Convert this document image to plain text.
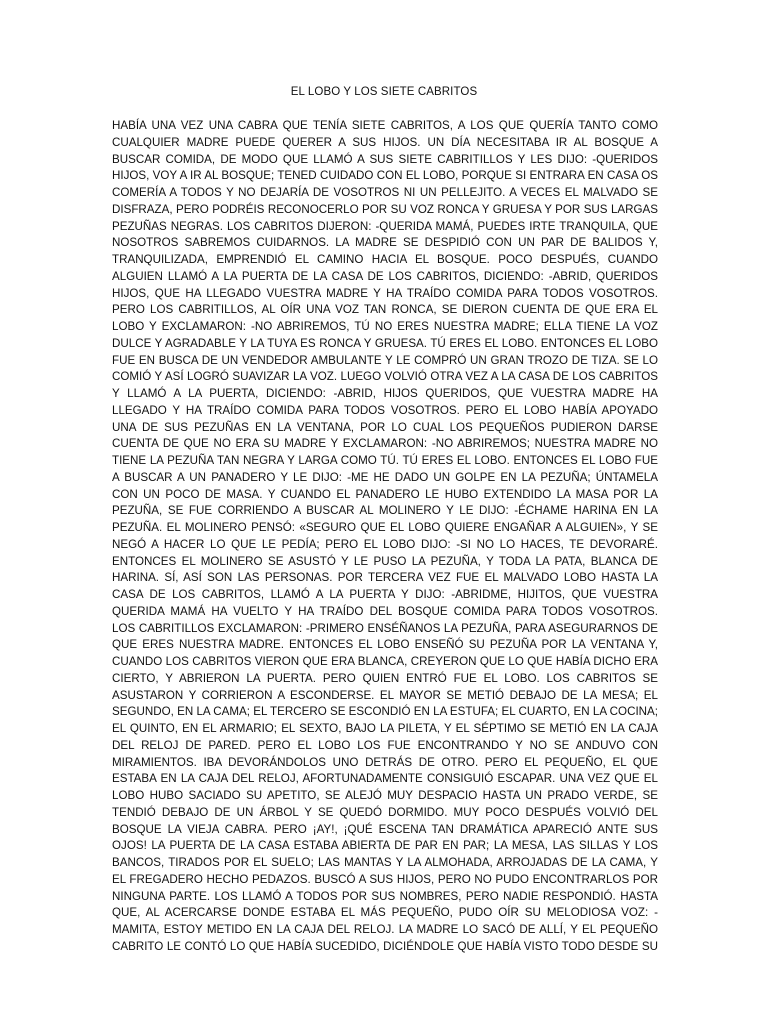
EL LOBO Y LOS SIETE CABRITOS
HABÍA UNA VEZ UNA CABRA QUE TENÍA SIETE CABRITOS, A LOS QUE QUERÍA TANTO COMO
CUALQUIER MADRE PUEDE QUERER A SUS HIJOS. UN DÍA NECESITABA IR AL BOSQUE A
BUSCAR COMIDA, DE MODO QUE LLAMÓ A SUS SIETE CABRITILLOS Y LES DIJO: -QUERIDOS
HIJOS, VOY A IR AL BOSQUE; TENED CUIDADO CON EL LOBO, PORQUE SI ENTRARA EN CASA OS
COMERÍA A TODOS Y NO DEJARÍA DE VOSOTROS NI UN PELLEJITO. A VECES EL MALVADO SE
DISFRAZA, PERO PODRÉIS RECONOCERLO POR SU VOZ RONCA Y GRUESA Y POR SUS LARGAS
PEZUÑAS NEGRAS. LOS CABRITOS DIJERON: -QUERIDA MAMÁ, PUEDES IRTE TRANQUILA, QUE
NOSOTROS SABREMOS CUIDARNOS. LA MADRE SE DESPIDIÓ CON UN PAR DE BALIDOS Y,
TRANQUILIZADA, EMPRENDIÓ EL CAMINO HACIA EL BOSQUE. POCO DESPUÉS, CUANDO
ALGUIEN LLAMÓ A LA PUERTA DE LA CASA DE LOS CABRITOS, DICIENDO: -ABRID, QUERIDOS
HIJOS, QUE HA LLEGADO VUESTRA MADRE Y HA TRAÍDO COMIDA PARA TODOS VOSOTROS.
PERO LOS CABRITILLOS, AL OÍR UNA VOZ TAN RONCA, SE DIERON CUENTA DE QUE ERA EL
LOBO Y EXCLAMARON: -NO ABRIREMOS, TÚ NO ERES NUESTRA MADRE; ELLA TIENE LA VOZ
DULCE Y AGRADABLE Y LA TUYA ES RONCA Y GRUESA. TÚ ERES EL LOBO. ENTONCES EL LOBO
FUE EN BUSCA DE UN VENDEDOR AMBULANTE Y LE COMPRÓ UN GRAN TROZO DE TIZA. SE LO
COMIÓ Y ASÍ LOGRÓ SUAVIZAR LA VOZ. LUEGO VOLVIÓ OTRA VEZ A LA CASA DE LOS CABRITOS
Y LLAMÓ A LA PUERTA, DICIENDO: -ABRID, HIJOS QUERIDOS, QUE VUESTRA MADRE HA
LLEGADO Y HA TRAÍDO COMIDA PARA TODOS VOSOTROS. PERO EL LOBO HABÍA APOYADO
UNA DE SUS PEZUÑAS EN LA VENTANA, POR LO CUAL LOS PEQUEÑOS PUDIERON DARSE
CUENTA DE QUE NO ERA SU MADRE Y EXCLAMARON: -NO ABRIREMOS; NUESTRA MADRE NO
TIENE LA PEZUÑA TAN NEGRA Y LARGA COMO TÚ. TÚ ERES EL LOBO. ENTONCES EL LOBO FUE
A BUSCAR A UN PANADERO Y LE DIJO: -ME HE DADO UN GOLPE EN LA PEZUÑA; ÚNTAMELA
CON UN POCO DE MASA. Y CUANDO EL PANADERO LE HUBO EXTENDIDO LA MASA POR LA
PEZUÑA, SE FUE CORRIENDO A BUSCAR AL MOLINERO Y LE DIJO: -ÉCHAME HARINA EN LA
PEZUÑA. EL MOLINERO PENSÓ: «SEGURO QUE EL LOBO QUIERE ENGAÑAR A ALGUIEN», Y SE
NEGÓ A HACER LO QUE LE PEDÍA; PERO EL LOBO DIJO: -SI NO LO HACES, TE DEVORARÉ.
ENTONCES EL MOLINERO SE ASUSTÓ Y LE PUSO LA PEZUÑA, Y TODA LA PATA, BLANCA DE
HARINA. SÍ, ASÍ SON LAS PERSONAS. POR TERCERA VEZ FUE EL MALVADO LOBO HASTA LA
CASA DE LOS CABRITOS, LLAMÓ A LA PUERTA Y DIJO: -ABRIDME, HIJITOS, QUE VUESTRA
QUERIDA MAMÁ HA VUELTO Y HA TRAÍDO DEL BOSQUE COMIDA PARA TODOS VOSOTROS.
LOS CABRITILLOS EXCLAMARON: -PRIMERO ENSÉÑANOS LA PEZUÑA, PARA ASEGURARNOS DE
QUE ERES NUESTRA MADRE. ENTONCES EL LOBO ENSEÑÓ SU PEZUÑA POR LA VENTANA Y,
CUANDO LOS CABRITOS VIERON QUE ERA BLANCA, CREYERON QUE LO QUE HABÍA DICHO ERA
CIERTO, Y ABRIERON LA PUERTA. PERO QUIEN ENTRÓ FUE EL LOBO. LOS CABRITOS SE
ASUSTARON Y CORRIERON A ESCONDERSE. EL MAYOR SE METIÓ DEBAJO DE LA MESA; EL
SEGUNDO, EN LA CAMA; EL TERCERO SE ESCONDIÓ EN LA ESTUFA; EL CUARTO, EN LA COCINA;
EL QUINTO, EN EL ARMARIO; EL SEXTO, BAJO LA PILETA, Y EL SÉPTIMO SE METIÓ EN LA CAJA
DEL RELOJ DE PARED. PERO EL LOBO LOS FUE ENCONTRANDO Y NO SE ANDUVO CON
MIRAMIENTOS. IBA DEVORÁNDOLOS UNO DETRÁS DE OTRO. PERO EL PEQUEÑO, EL QUE
ESTABA EN LA CAJA DEL RELOJ, AFORTUNADAMENTE CONSIGUIÓ ESCAPAR. UNA VEZ QUE EL
LOBO HUBO SACIADO SU APETITO, SE ALEJÓ MUY DESPACIO HASTA UN PRADO VERDE, SE
TENDIÓ DEBAJO DE UN ÁRBOL Y SE QUEDÓ DORMIDO. MUY POCO DESPUÉS VOLVIÓ DEL
BOSQUE LA VIEJA CABRA. PERO ¡AY!, ¡QUÉ ESCENA TAN DRAMÁTICA APARECIÓ ANTE SUS
OJOS! LA PUERTA DE LA CASA ESTABA ABIERTA DE PAR EN PAR; LA MESA, LAS SILLAS Y LOS
BANCOS, TIRADOS POR EL SUELO; LAS MANTAS Y LA ALMOHADA, ARROJADAS DE LA CAMA, Y
EL FREGADERO HECHO PEDAZOS. BUSCÓ A SUS HIJOS, PERO NO PUDO ENCONTRARLOS POR
NINGUNA PARTE. LOS LLAMÓ A TODOS POR SUS NOMBRES, PERO NADIE RESPONDIÓ. HASTA
QUE, AL ACERCARSE DONDE ESTABA EL MÁS PEQUEÑO, PUDO OÍR SU MELODIOSA VOZ: -
MAMITA, ESTOY METIDO EN LA CAJA DEL RELOJ. LA MADRE LO SACÓ DE ALLÍ, Y EL PEQUEÑO
CABRITO LE CONTÓ LO QUE HABÍA SUCEDIDO, DICIÉNDOLE QUE HABÍA VISTO TODO DESDE SU
